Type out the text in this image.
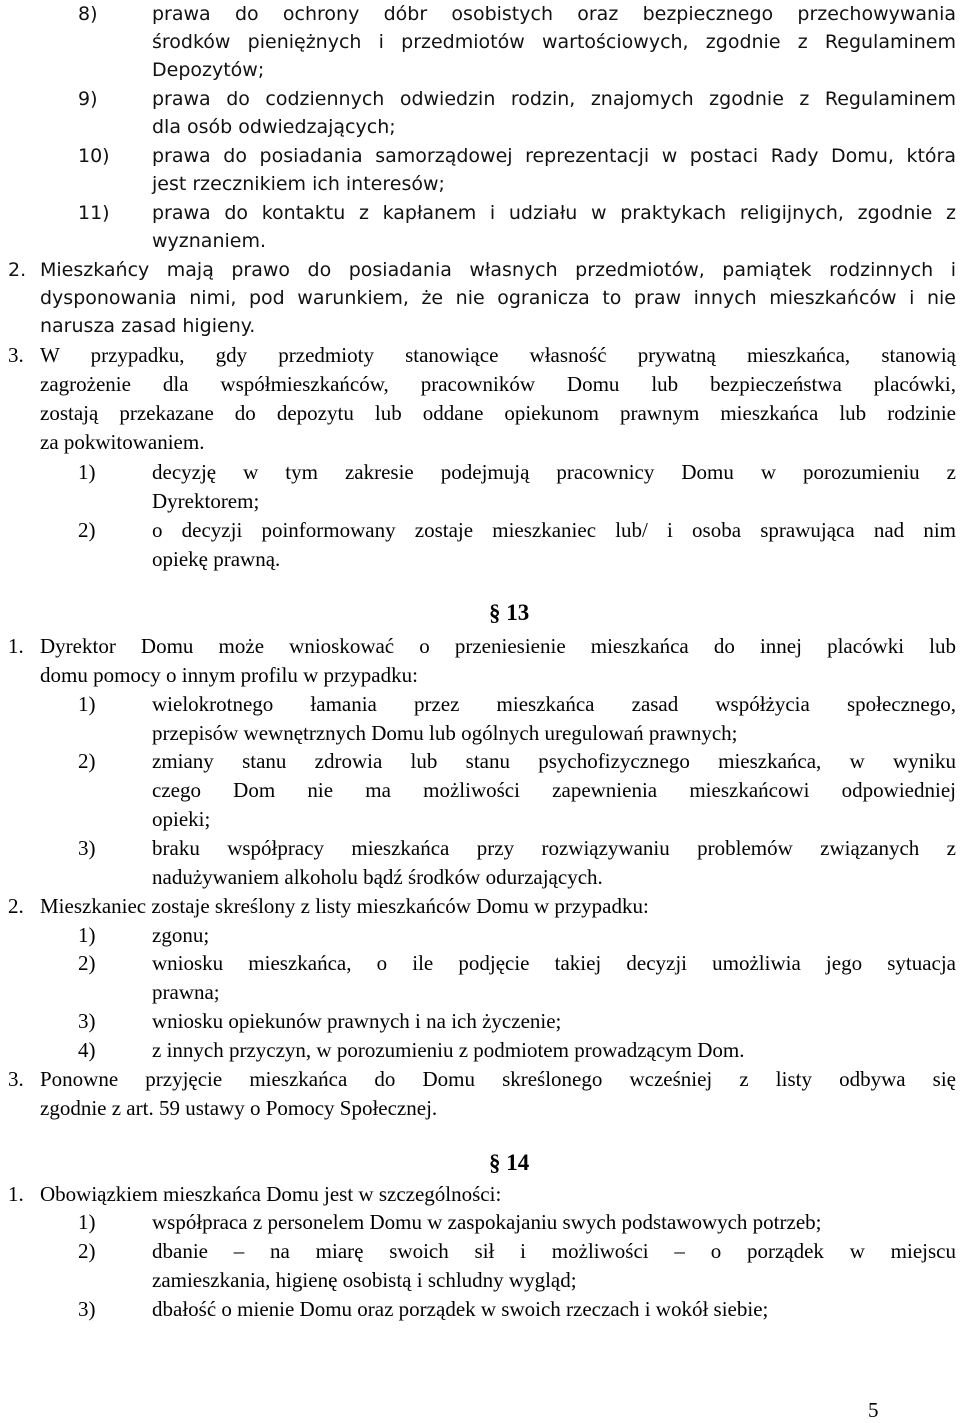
8)	prawa do ochrony dóbr osobistych oraz bezpiecznego przechowywania
środków pieniężnych i przedmiotów wartościowych, zgodnie z Regulaminem
Depozytów;
9)	prawa do codziennych odwiedzin rodzin, znajomych zgodnie z Regulaminem
dla osób odwiedzających;
10) prawa do posiadania samorządowej reprezentacji w postaci Rady Domu, która
jest rzecznikiem ich interesów;
11) prawa do kontaktu z kapłanem i udziału w praktykach religijnych, zgodnie z
wyznaniem.
2. Mieszkańcy mają prawo do posiadania własnych przedmiotów, pamiątek rodzinnych i
dysponowania nimi, pod warunkiem, że nie ogranicza to praw innych mieszkańców i nie
narusza zasad higieny.
3. W przypadku, gdy przedmioty stanowiące własność prywatną mieszkańca, stanowią
zagrożenie dla współmieszkańców, pracowników Domu lub bezpieczeństwa placówki,
zostają przekazane do depozytu lub oddane opiekunom prawnym mieszkańca lub rodzinie
za pokwitowaniem.
1)	decyzję w tym zakresie podejmują pracownicy Domu w porozumieniu z
Dyrektorem;
2)	o decyzji poinformowany zostaje mieszkaniec lub/ i osoba sprawująca nad nim
opiekę prawną.
§ 13
1. Dyrektor Domu może wnioskować o przeniesienie mieszkańca do innej placówki lub
domu pomocy o innym profilu w przypadku:
1)	wielokrotnego łamania przez mieszkańca zasad współżycia społecznego,
przepisów wewnętrznych Domu lub ogólnych uregulowań prawnych;
2)	zmiany stanu zdrowia lub stanu psychofizycznego mieszkańca, w wyniku
czego Dom nie ma możliwości zapewnienia mieszkańcowi odpowiedniej
opieki;
3)	braku współpracy mieszkańca przy rozwiązywaniu problemów związanych z
nadużywaniem alkoholu bądź środków odurzających.
2. Mieszkaniec zostaje skreślony z listy mieszkańców Domu w przypadku:
1)	zgonu;
2)	wniosku mieszkańca, o ile podjęcie takiej decyzji umożliwia jego sytuacja
prawna;
3)	wniosku opiekunów prawnych i na ich życzenie;
4)	z innych przyczyn, w porozumieniu z podmiotem prowadzącym Dom.
3. Ponowne przyjęcie mieszkańca do Domu skreślonego wcześniej z listy odbywa się
zgodnie z art. 59 ustawy o Pomocy Społecznej.
§ 14
1. Obowiązkiem mieszkańca Domu jest w szczególności:
1)	współpraca z personelem Domu w zaspokajaniu swych podstawowych potrzeb;
2)	dbanie – na miarę swoich sił i możliwości – o porządek w miejscu
zamieszkania, higienę osobistą i schludny wygląd;
3)	dbałość o mienie Domu oraz porządek w swoich rzeczach i wokół siebie;
5
